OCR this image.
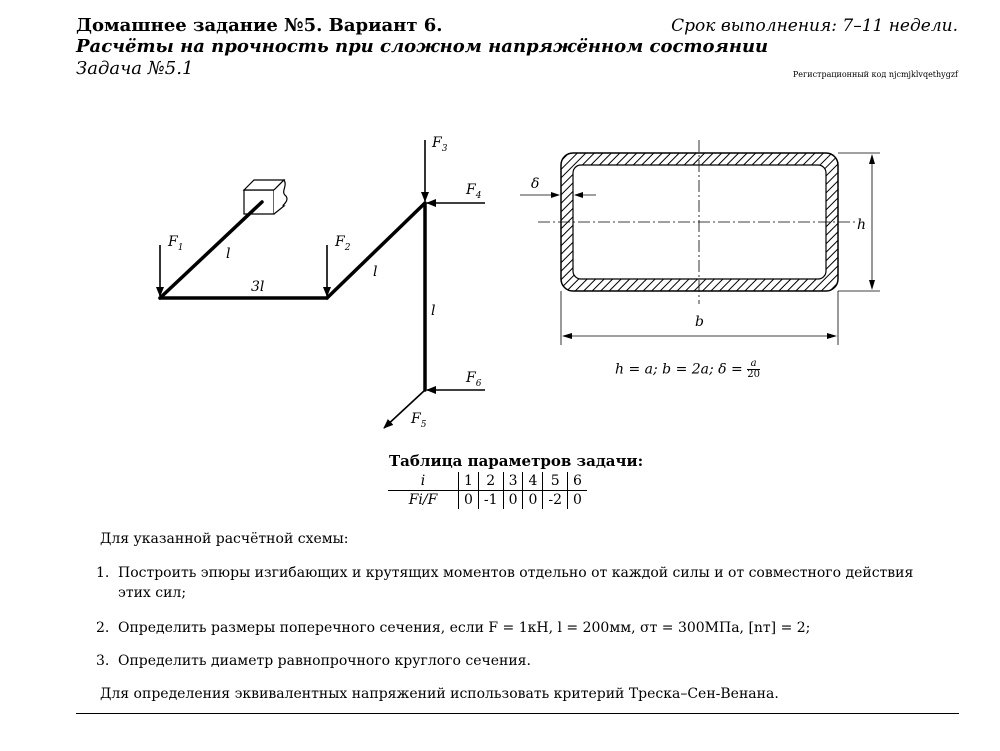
Домашнее задание №5. Вариант 6.	Срок выполнения: 7–11 недели.
Расчёты на прочность при сложном напряжённом состоянии
Задача №5.1	Регистрационный код njcmjklvqethygzf
$F_1$	$F_2$
$F_3$
$F_4$
$F_6$
$F_5$
l
3l
l
l
δ
h
b
h = a; b = 2a; $\delta = \frac{a}{20}$
Таблица параметров задачи:
i	1	2	3	4	5	6
Fi/F	0	-1	0	0	-2	0
Для указанной расчётной схемы:
1. Построить эпюры изгибающих и крутящих моментов отдельно от каждой силы и от совместного действия
этих сил;
2. Определить размеры поперечного сечения, если F = 1кН, l = 200мм, σт = 300МПа, [nт] = 2;
3. Определить диаметр равнопрочного круглого сечения.
Для определения эквивалентных напряжений использовать критерий Треска–Сен-Венана.
